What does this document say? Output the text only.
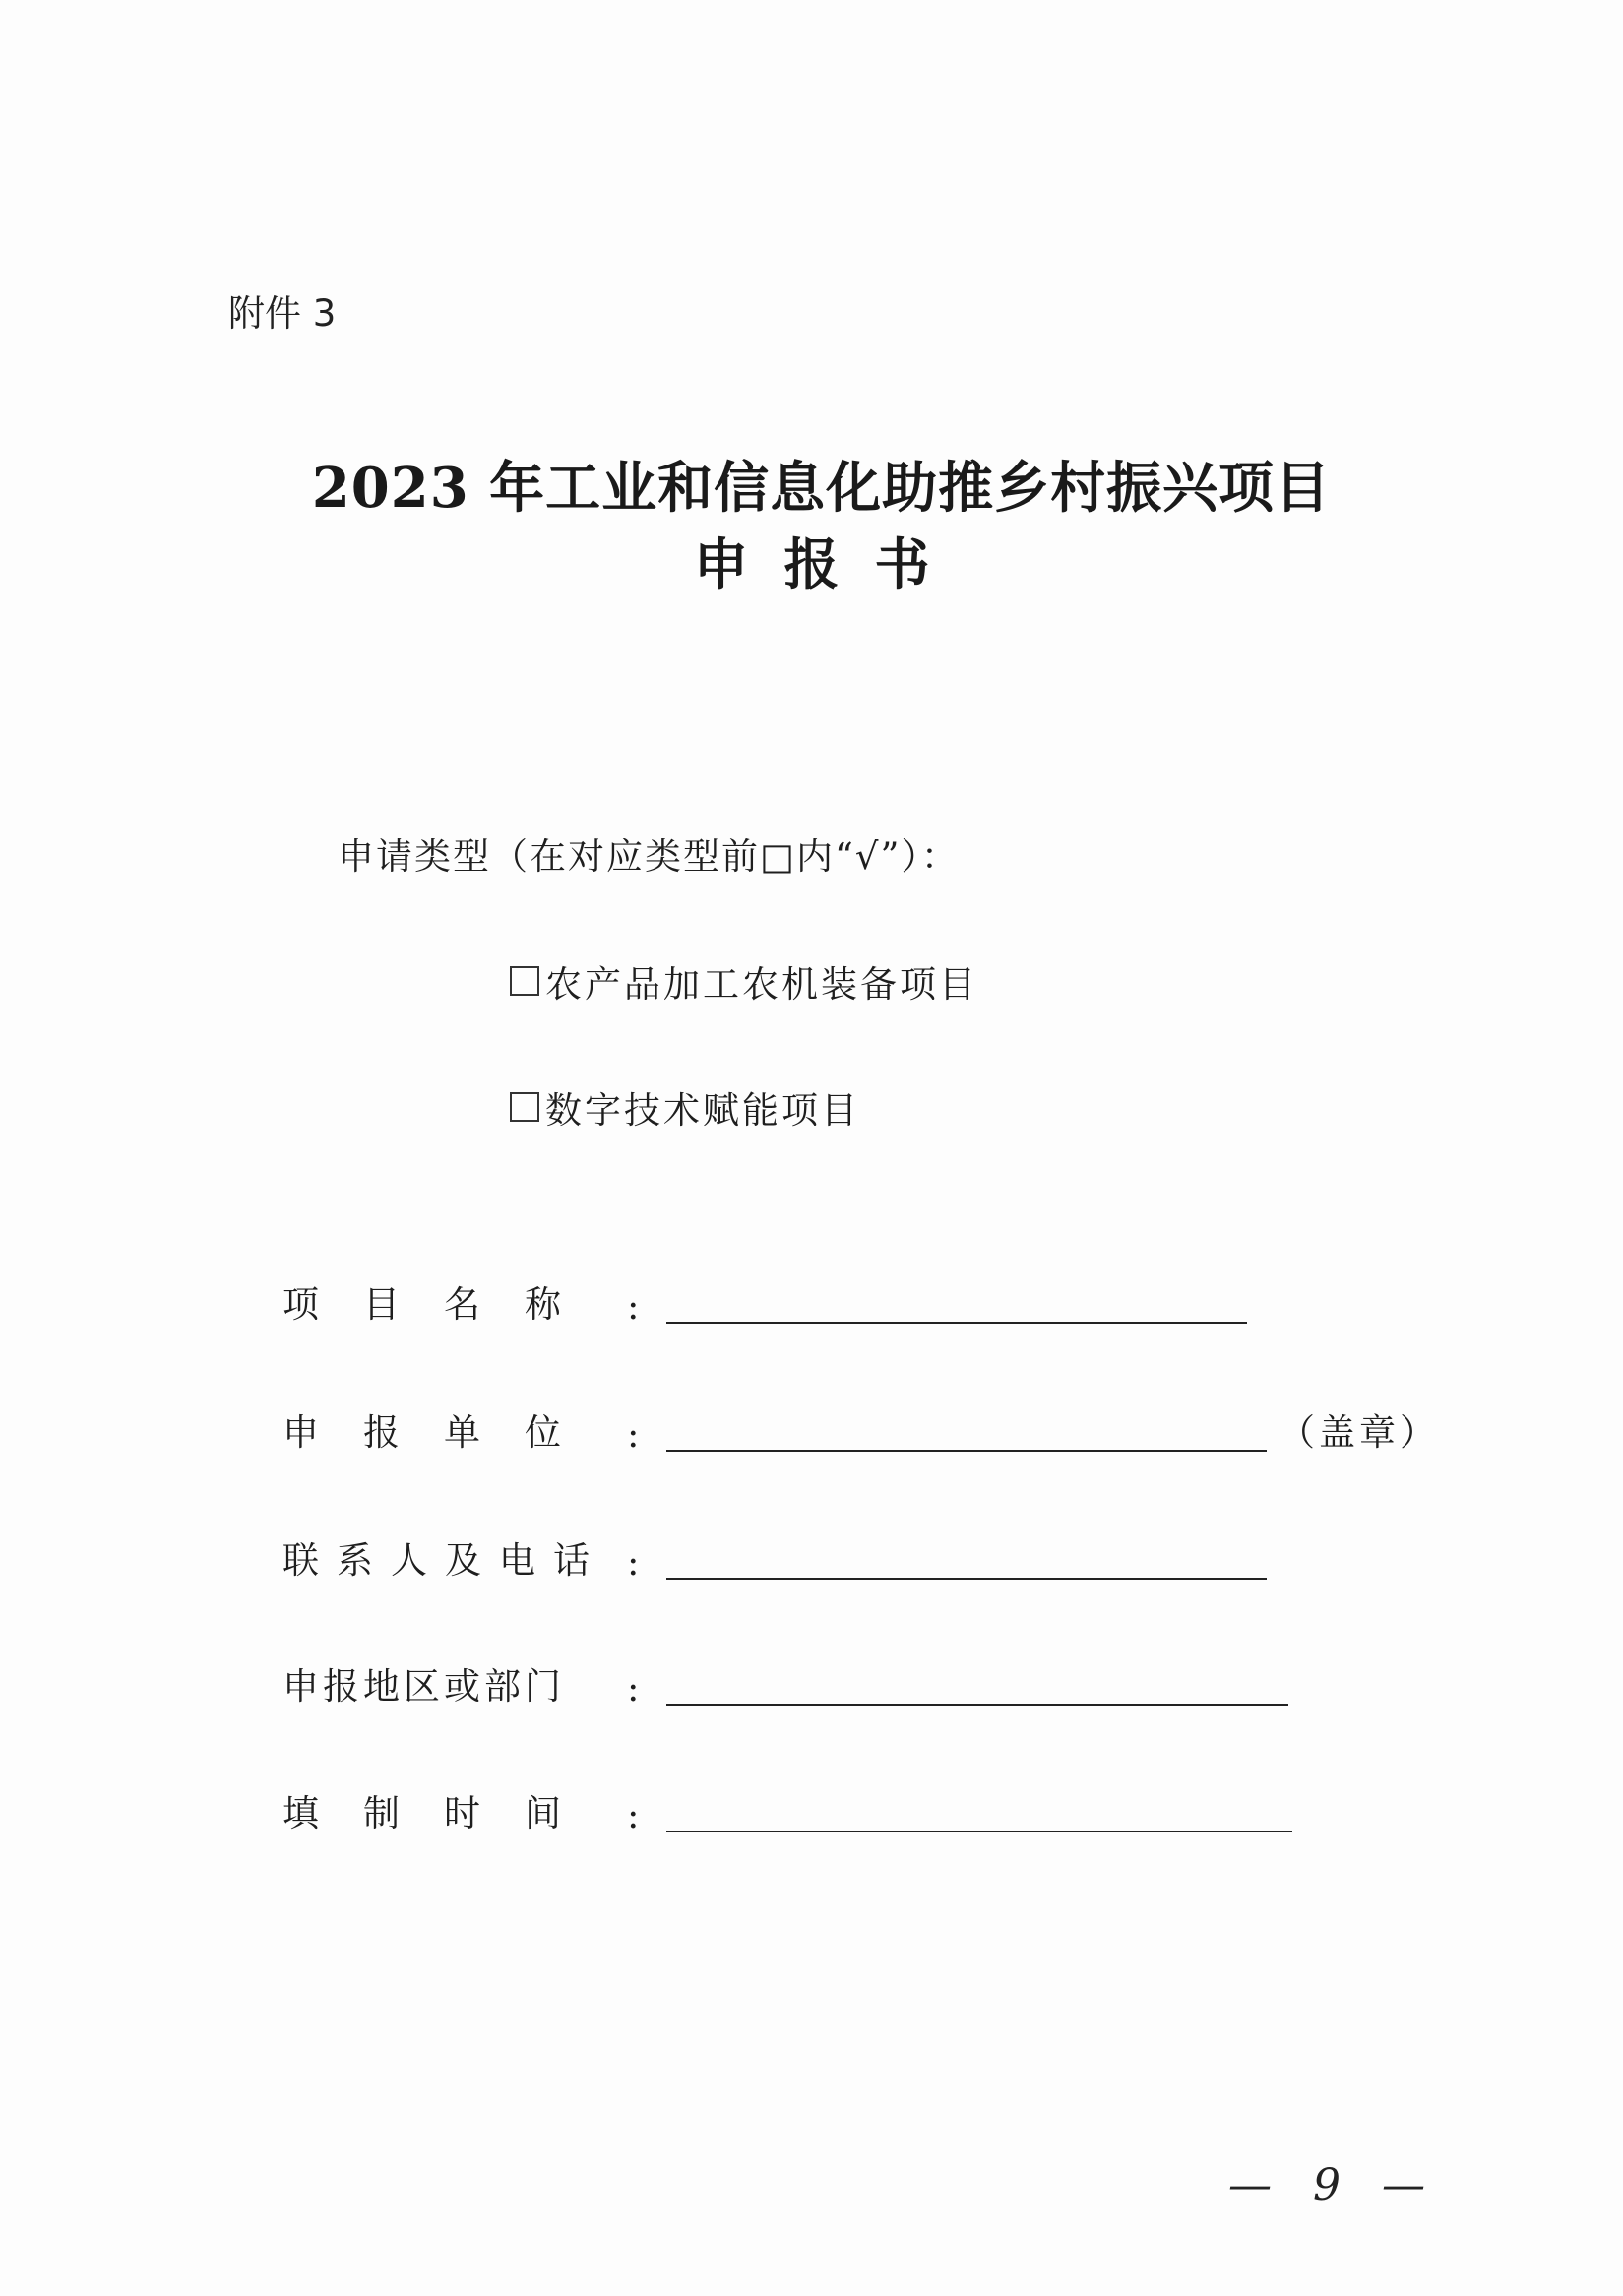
附件 3
2023 年工业和信息化助推乡村振兴项目
申报书
申请类型（在对应类型前□内“√”）：
农产品加工农机装备项目
数字技术赋能项目
项目名称 :
申报单位 :	（盖章）
联系人及电话 :
申报地区或部门	:
填制时间 :
— 9 —
